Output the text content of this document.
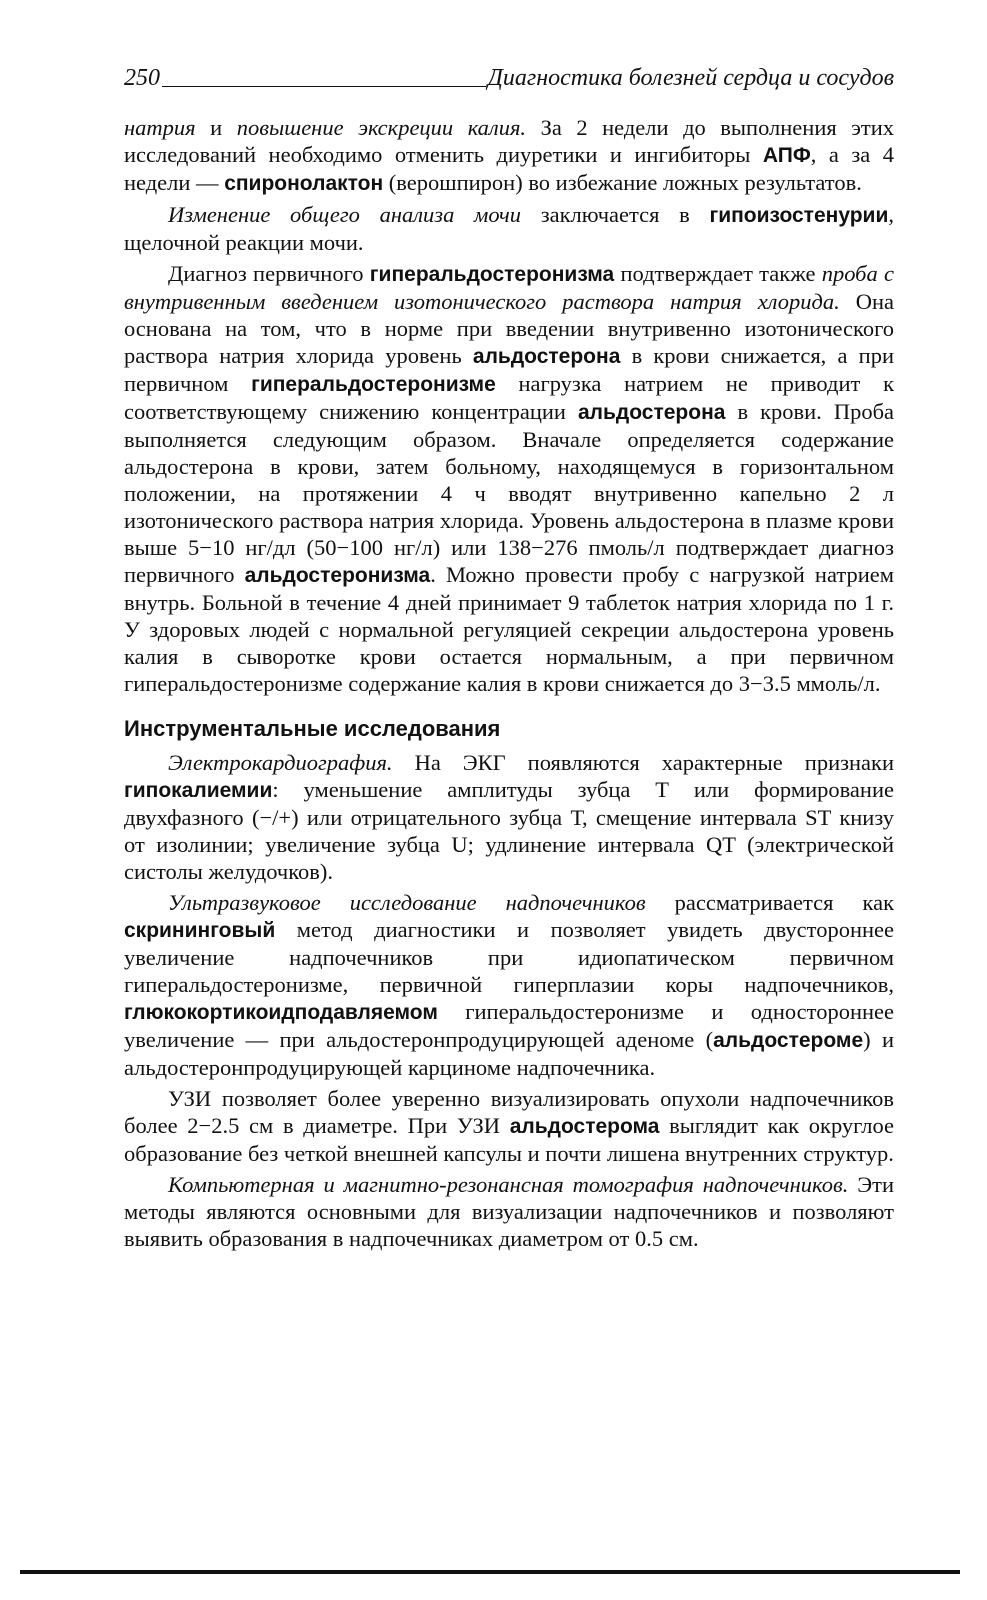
250	Диагностика болезней сердца и сосудов

натрия и повышение экскреции калия. За 2 недели до выполнения этих исследований необходимо отменить диуретики и ингибиторы АПФ, а за 4 недели — спиронолактон (верошпирон) во избежание ложных результатов.

Изменение общего анализа мочи заключается в гипоизостенурии, щелочной реакции мочи.

Диагноз первичного гиперальдостеронизма подтверждает также проба с внутривенным введением изотонического раствора натрия хлорида. Она основана на том, что в норме при введении внутривенно изотонического раствора натрия хлорида уровень альдостерона в крови снижается, а при первичном гиперальдостеронизме нагрузка натрием не приводит к соответствующему снижению концентрации альдостерона в крови. Проба выполняется следующим образом. Вначале определяется содержание альдостерона в крови, затем больному, находящемуся в горизонтальном положении, на протяжении 4 ч вводят внутривенно капельно 2 л изотонического раствора натрия хлорида. Уровень альдостерона в плазме крови выше 5−10 нг/дл (50−100 нг/л) или 138−276 пмоль/л подтверждает диагноз первичного альдостеронизма. Можно провести пробу с нагрузкой натрием внутрь. Больной в течение 4 дней принимает 9 таблеток натрия хлорида по 1 г. У здоровых людей с нормальной регуляцией секреции альдостерона уровень калия в сыворотке крови остается нормальным, а при первичном гиперальдостеронизме содержание калия в крови снижается до 3−3.5 ммоль/л.

Инструментальные исследования

Электрокардиография. На ЭКГ появляются характерные признаки гипокалиемии: уменьшение амплитуды зубца Т или формирование двухфазного (−/+) или отрицательного зубца Т, смещение интервала ST книзу от изолинии; увеличение зубца U; удлинение интервала QT (электрической систолы желудочков).

Ультразвуковое исследование надпочечников рассматривается как скрининговый метод диагностики и позволяет увидеть двустороннее увеличение надпочечников при идиопатическом первичном гиперальдостеронизме, первичной гиперплазии коры надпочечников, глюкокортикоидподавляемом гиперальдостеронизме и одностороннее увеличение — при альдостеронпродуцирующей аденоме (альдостероме) и альдостеронпродуцирующей карциноме надпочечника.

УЗИ позволяет более уверенно визуализировать опухоли надпочечников более 2−2.5 см в диаметре. При УЗИ альдостерома выглядит как округлое образование без четкой внешней капсулы и почти лишена внутренних структур.

Компьютерная и магнитно-резонансная томография надпочечников. Эти методы являются основными для визуализации надпочечников и позволяют выявить образования в надпочечниках диаметром от 0.5 см.
